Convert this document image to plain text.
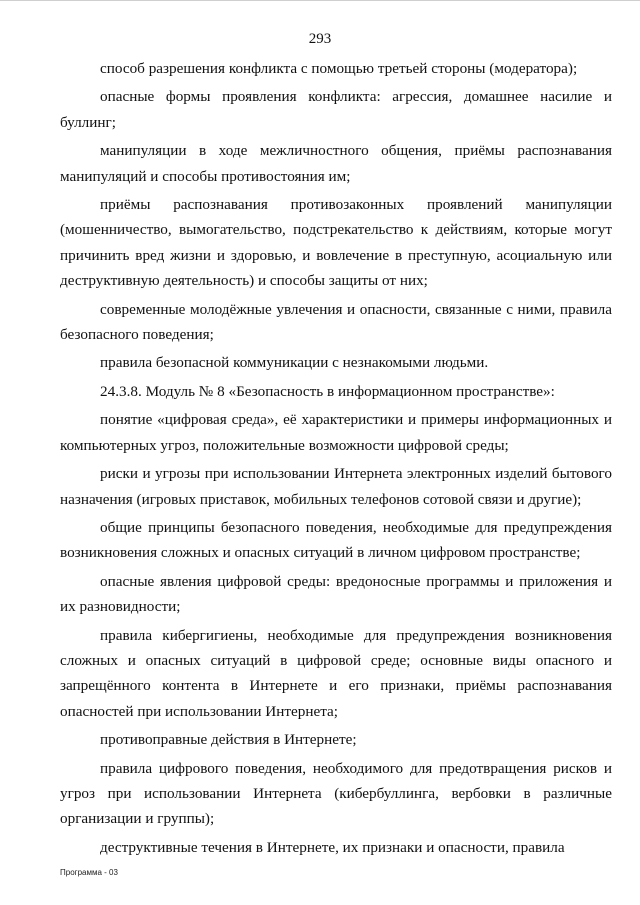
293

способ разрешения конфликта с помощью третьей стороны (модератора);

опасные формы проявления конфликта: агрессия, домашнее насилие и буллинг;

манипуляции в ходе межличностного общения, приёмы распознавания манипуляций и способы противостояния им;

приёмы распознавания противозаконных проявлений манипуляции (мошенничество, вымогательство, подстрекательство к действиям, которые могут причинить вред жизни и здоровью, и вовлечение в преступную, асоциальную или деструктивную деятельность) и способы защиты от них;

современные молодёжные увлечения и опасности, связанные с ними, правила безопасного поведения;

правила безопасной коммуникации с незнакомыми людьми.

24.3.8. Модуль № 8 «Безопасность в информационном пространстве»:

понятие «цифровая среда», её характеристики и примеры информационных и компьютерных угроз, положительные возможности цифровой среды;

риски и угрозы при использовании Интернета электронных изделий бытового назначения (игровых приставок, мобильных телефонов сотовой связи и другие);

общие принципы безопасного поведения, необходимые для предупреждения возникновения сложных и опасных ситуаций в личном цифровом пространстве;

опасные явления цифровой среды: вредоносные программы и приложения и их разновидности;

правила кибергигиены, необходимые для предупреждения возникновения сложных и опасных ситуаций в цифровой среде; основные виды опасного и запрещённого контента в Интернете и его признаки, приёмы распознавания опасностей при использовании Интернета;

противоправные действия в Интернете;

правила цифрового поведения, необходимого для предотвращения рисков и угроз при использовании Интернета (кибербуллинга, вербовки в различные организации и группы);

деструктивные течения в Интернете, их признаки и опасности, правила

Программа - 03
